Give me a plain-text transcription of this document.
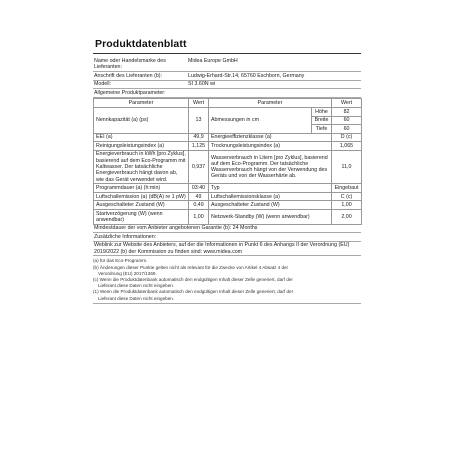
Produktdatenblatt
Name oder Handelsmarke des Lieferanten:	Midea Europe GmbH
Anschrift des Lieferanten (b):	Ludwig-Erhard-Str.14, 65760 Eschborn, Germany
Modell:	SI 3.60N wi
Allgemeine Produktparameter:
Parameter	Wert	Parameter		Wert
Nennkapazität (a) (ps)	13	Abmessungen in cm	Höhe	82
			Breite	60
			Tiefe	60
EEI (a)	49,9	Energieeffizienzklasse (a)		D (c)
Reinigungsleistungsindex (a)	1,125	Trocknungsleistungsindex (a)		1,065
Energieverbrauch in kWh [pro Zyklus], basierend auf dem Eco-Programm mit Kaltwasser. Der tatsächliche Energieverbrauch hängt davon ab, wie das Gerät verwendet wird.	0,937	Wasserverbrauch in Litern [pro Zyklus], basierend auf dem Eco-Programm. Der tatsächliche Wasserverbrauch hängt von der Verwendung des Geräts und von der Wasserhärte ab.		11,0
Programmdauer (a) (h:min)	03:40	Typ		Eingebaut
Luftschallemission (a) (dB(A) re 1 pW)	49	Luftschallemissionsklasse (a)		C (c)
Ausgeschalteter Zustand (W)	0,49	Ausgeschalteter Zustand (W)		1,00
Startverzögerung (W) (wenn anwendbar)	1,00	Netzwerk-Standby (W) (wenn anwendbar)		2,00
Mindestdauer der vom Anbieter angebotenen Garantie (b): 24 Months
Zusätzliche Informationen:
Weblink zur Website des Anbieters, auf der die Informationen in Punkt 6 des Anhangs II der Verordnung (EU) 2019/2022 (b) der Kommission zu finden sind: www.midea.com
(a) für das Eco-Programm.
(b) Änderungen dieser Punkte gelten nicht als relevant für die Zwecke von Artikel 4 Absatz 4 der
Verordnung (EU) 2017/1369.
(c) Wenn die Produktdatenbank automatisch den endgültigen Inhalt dieser Zelle generiert, darf der
Lieferant diese Daten nicht eingeben.
(1) Wenn die Produktdatenbank automatisch den endgültigen Inhalt dieser Zelle generiert, darf der
Lieferant diese Daten nicht eingeben.
